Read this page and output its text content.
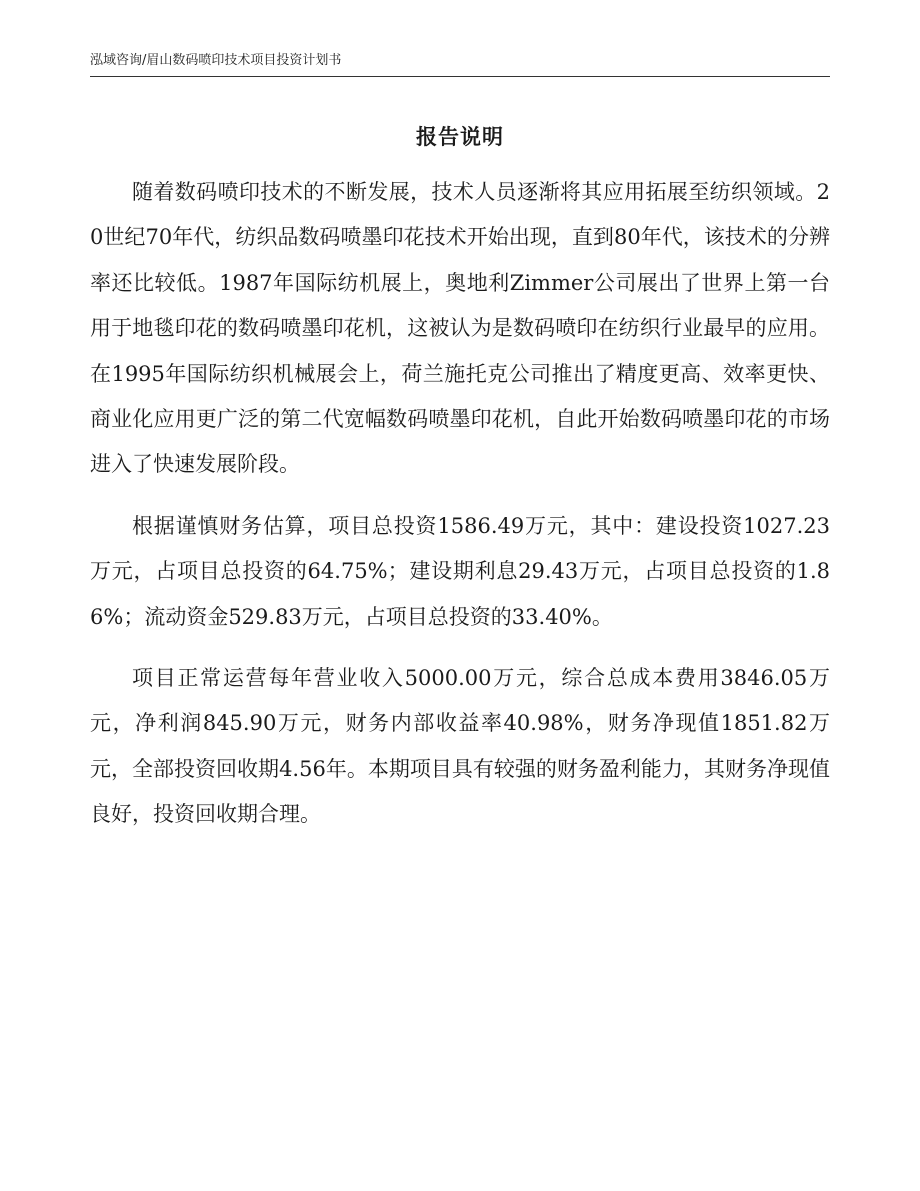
泓域咨询/眉山数码喷印技术项目投资计划书
报告说明

随着数码喷印技术的不断发展，技术人员逐渐将其应用拓展至纺织领域。20世纪70年代，纺织品数码喷墨印花技术开始出现，直到80年代，该技术的分辨率还比较低。1987年国际纺机展上，奥地利Zimmer公司展出了世界上第一台用于地毯印花的数码喷墨印花机，这被认为是数码喷印在纺织行业最早的应用。在1995年国际纺织机械展会上，荷兰施托克公司推出了精度更高、效率更快、商业化应用更广泛的第二代宽幅数码喷墨印花机，自此开始数码喷墨印花的市场进入了快速发展阶段。

根据谨慎财务估算，项目总投资1586.49万元，其中：建设投资1027.23万元，占项目总投资的64.75%；建设期利息29.43万元，占项目总投资的1.86%；流动资金529.83万元，占项目总投资的33.40%。

项目正常运营每年营业收入5000.00万元，综合总成本费用3846.05万元，净利润845.90万元，财务内部收益率40.98%，财务净现值1851.82万元，全部投资回收期4.56年。本期项目具有较强的财务盈利能力，其财务净现值良好，投资回收期合理。
